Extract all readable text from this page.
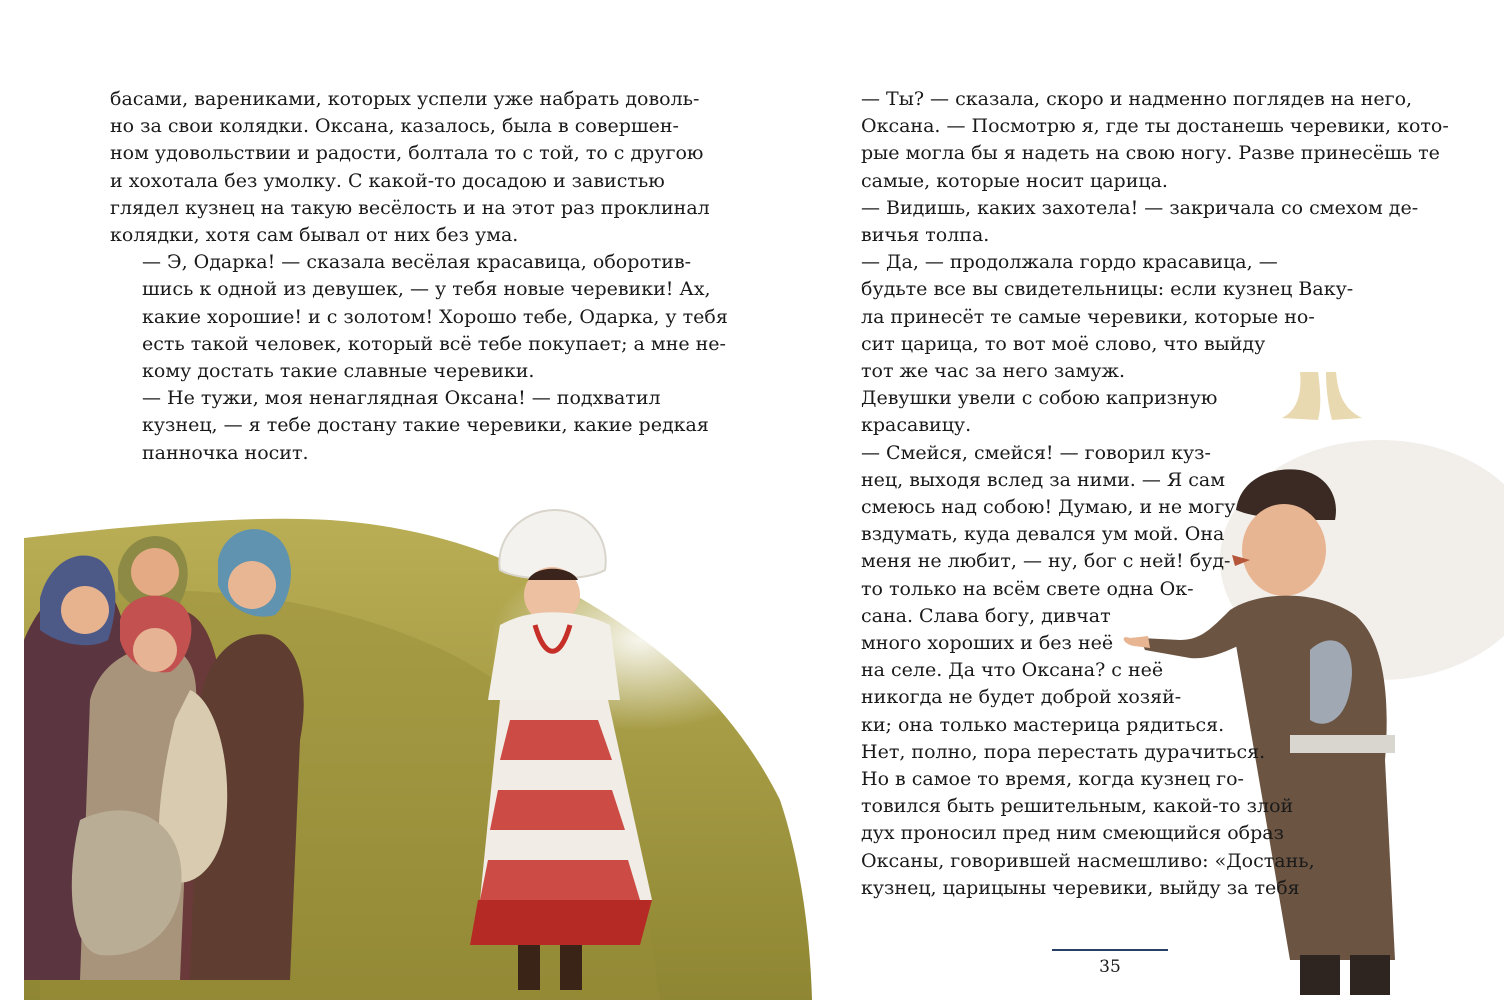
басами, варениками, которых успели уже набрать доволь-
но за свои колядки. Оксана, казалось, была в совершен-
ном удовольствии и радости, болтала то с той, то с другою
и хохотала без умолку. С какой-то досадою и завистью
глядел кузнец на такую весёлость и на этот раз проклинал
колядки, хотя сам бывал от них без ума.

— Э, Одарка! — сказала весёлая красавица, оборотив-
шись к одной из девушек, — у тебя новые черевики! Ах,
какие хорошие! и с золотом! Хорошо тебе, Одарка, у тебя
есть такой человек, который всё тебе покупает; а мне не-
кому достать такие славные черевики.

— Не тужи, моя ненаглядная Оксана! — подхватил
кузнец, — я тебе достану такие черевики, какие редкая
панночка носит.

— Ты? — сказала, скоро и надменно поглядев на него,
Оксана. — Посмотрю я, где ты достанешь черевики, кото-
рые могла бы я надеть на свою ногу. Разве принесёшь те
самые, которые носит царица.

— Видишь, каких захотела! — закричала со смехом де-
вичья толпа.

— Да, — продолжала гордо красавица, —
будьте все вы свидетельницы: если кузнец Ваку-
ла принесёт те самые черевики, которые но-
сит царица, то вот моё слово, что выйду
тот же час за него замуж.

Девушки увели с собою капризную
красавицу.

— Смейся, смейся! — говорил куз-
нец, выходя вслед за ними. — Я сам
смеюсь над собою! Думаю, и не могу
вздумать, куда девался ум мой. Она
меня не любит, — ну, бог с ней! буд-
то только на всём свете одна Ок-
сана. Слава богу, дивчат
много хороших и без неё
на селе. Да что Оксана? с неё
никогда не будет доброй хозяй-
ки; она только мастерица рядиться.
Нет, полно, пора перестать дурачиться.

Но в самое то время, когда кузнец го-
товился быть решительным, какой-то злой
дух проносил пред ним смеющийся образ
Оксаны, говорившей насмешливо: «Достань,
кузнец, царицыны черевики, выйду за тебя

35
